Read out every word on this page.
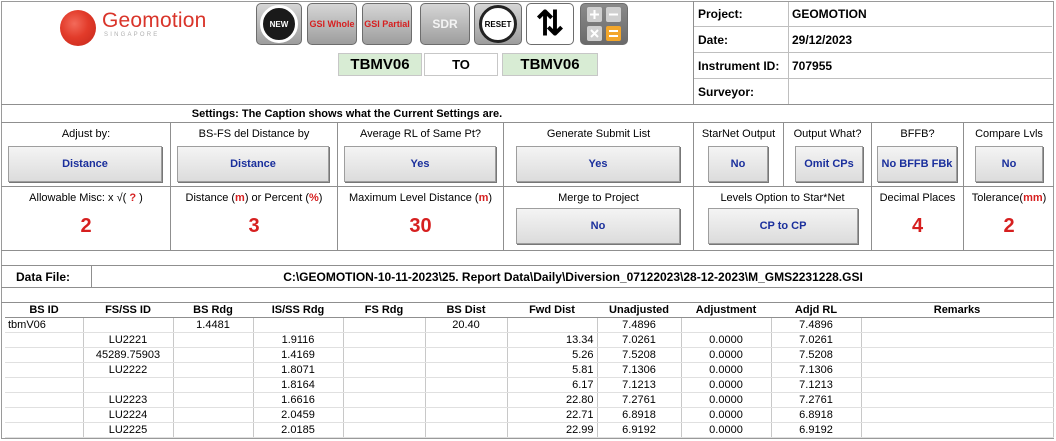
Geomotion
SINGAPORE
NEW GSI Whole GSI Partial SDR	RESET ⇅
TBMV06	TO	TBMV06
Project:	GEOMOTION
Date:	29/12/2023
Instrument ID: 707955
Surveyor:
Settings: The Caption shows what the Current Settings are.
Adjust by:	BS-FS del Distance by	Average RL of Same Pt?	Generate Submit List	StarNet Output	Output What?	BFFB?	Compare Lvls
Distance	Distance	Yes	Yes	No	Omit CPs	No BFFB FBk	No
Allowable Misc: x √( ? )	Distance (m) or Percent (%)	Maximum Level Distance (m)	Merge to Project	Levels Option to Star*Net	Decimal Places	Tolerance(mm)
2	3	30	No	CP to CP	4	2
Data File:	C:\GEOMOTION-10-11-2023\25. Report Data\Daily\Diversion_07122023\28-12-2023\M_GMS2231228.GSI
BS ID	FS/SS ID	BS Rdg	IS/SS Rdg	FS Rdg	BS Dist	Fwd Dist	Unadjusted	Adjustment	Adjd RL	Remarks
tbmV06		1.4481			20.40		7.4896		7.4896	
	LU2221		1.9116			13.34	7.0261	0.0000	7.0261	
	45289.75903		1.4169			5.26	7.5208	0.0000	7.5208	
	LU2222		1.8071			5.81	7.1306	0.0000	7.1306	
			1.8164			6.17	7.1213	0.0000	7.1213	
	LU2223		1.6616			22.80	7.2761	0.0000	7.2761	
	LU2224		2.0459			22.71	6.8918	0.0000	6.8918	
	LU2225		2.0185			22.99	6.9192	0.0000	6.9192	
